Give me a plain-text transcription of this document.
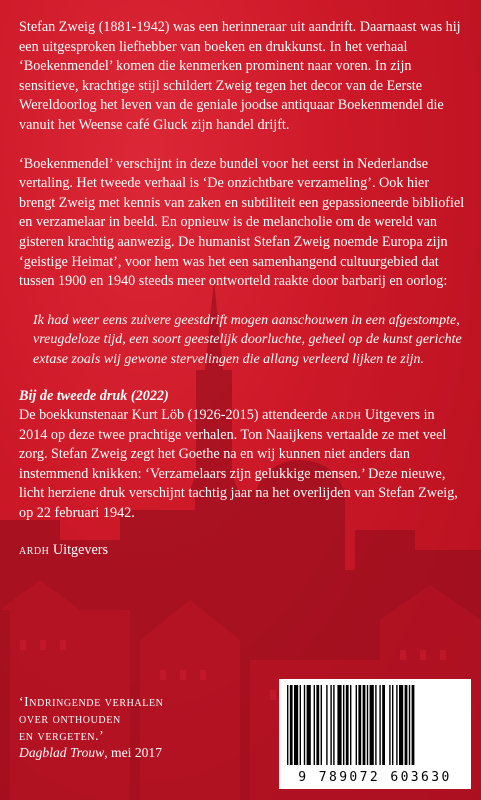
Stefan Zweig (1881-1942) was een herinneraar uit aandrift. Daarnaast was hij een uitgesproken liefhebber van boeken en drukkunst. In het verhaal ‘Boekenmendel’ komen die kenmerken prominent naar voren. In zijn sensitieve, krachtige stijl schildert Zweig tegen het decor van de Eerste Wereldoorlog het leven van de geniale joodse antiquaar Boekenmendel die vanuit het Weense café Gluck zijn handel drijft.

‘Boekenmendel’ verschijnt in deze bundel voor het eerst in Nederlandse vertaling. Het tweede verhaal is ‘De onzichtbare verzameling’. Ook hier brengt Zweig met kennis van zaken en subtiliteit een gepassioneerde bibliofiel en verzamelaar in beeld. En opnieuw is de melancholie om de wereld van gisteren krachtig aanwezig. De humanist Stefan Zweig noemde Europa zijn ‘geistige Heimat’, voor hem was het een samenhangend cultuurgebied dat tussen 1900 en 1940 steeds meer ontworteld raakte door barbarij en oorlog:

Ik had weer eens zuivere geestdrift mogen aanschouwen in een afgestompte, vreugdeloze tijd, een soort geestelijk doorluchte, geheel op de kunst gerichte extase zoals wij gewone stervelingen die allang verleerd lijken te zijn.

Bij de tweede druk (2022)

De boekkunstenaar Kurt Löb (1926-2015) attendeerde ardh Uitgevers in 2014 op deze twee prachtige verhalen. Ton Naaijkens vertaalde ze met veel zorg. Stefan Zweig zegt het Goethe na en wij kunnen niet anders dan instemmend knikken: ‘Verzamelaars zijn gelukkige mensen.’ Deze nieuwe, licht herziene druk verschijnt tachtig jaar na het overlijden van Stefan Zweig, op 22 februari 1942.

ardh Uitgevers

‘Indringende verhalen
over onthouden
en vergeten.’
Dagblad Trouw, mei 2017
9 789072 603630
